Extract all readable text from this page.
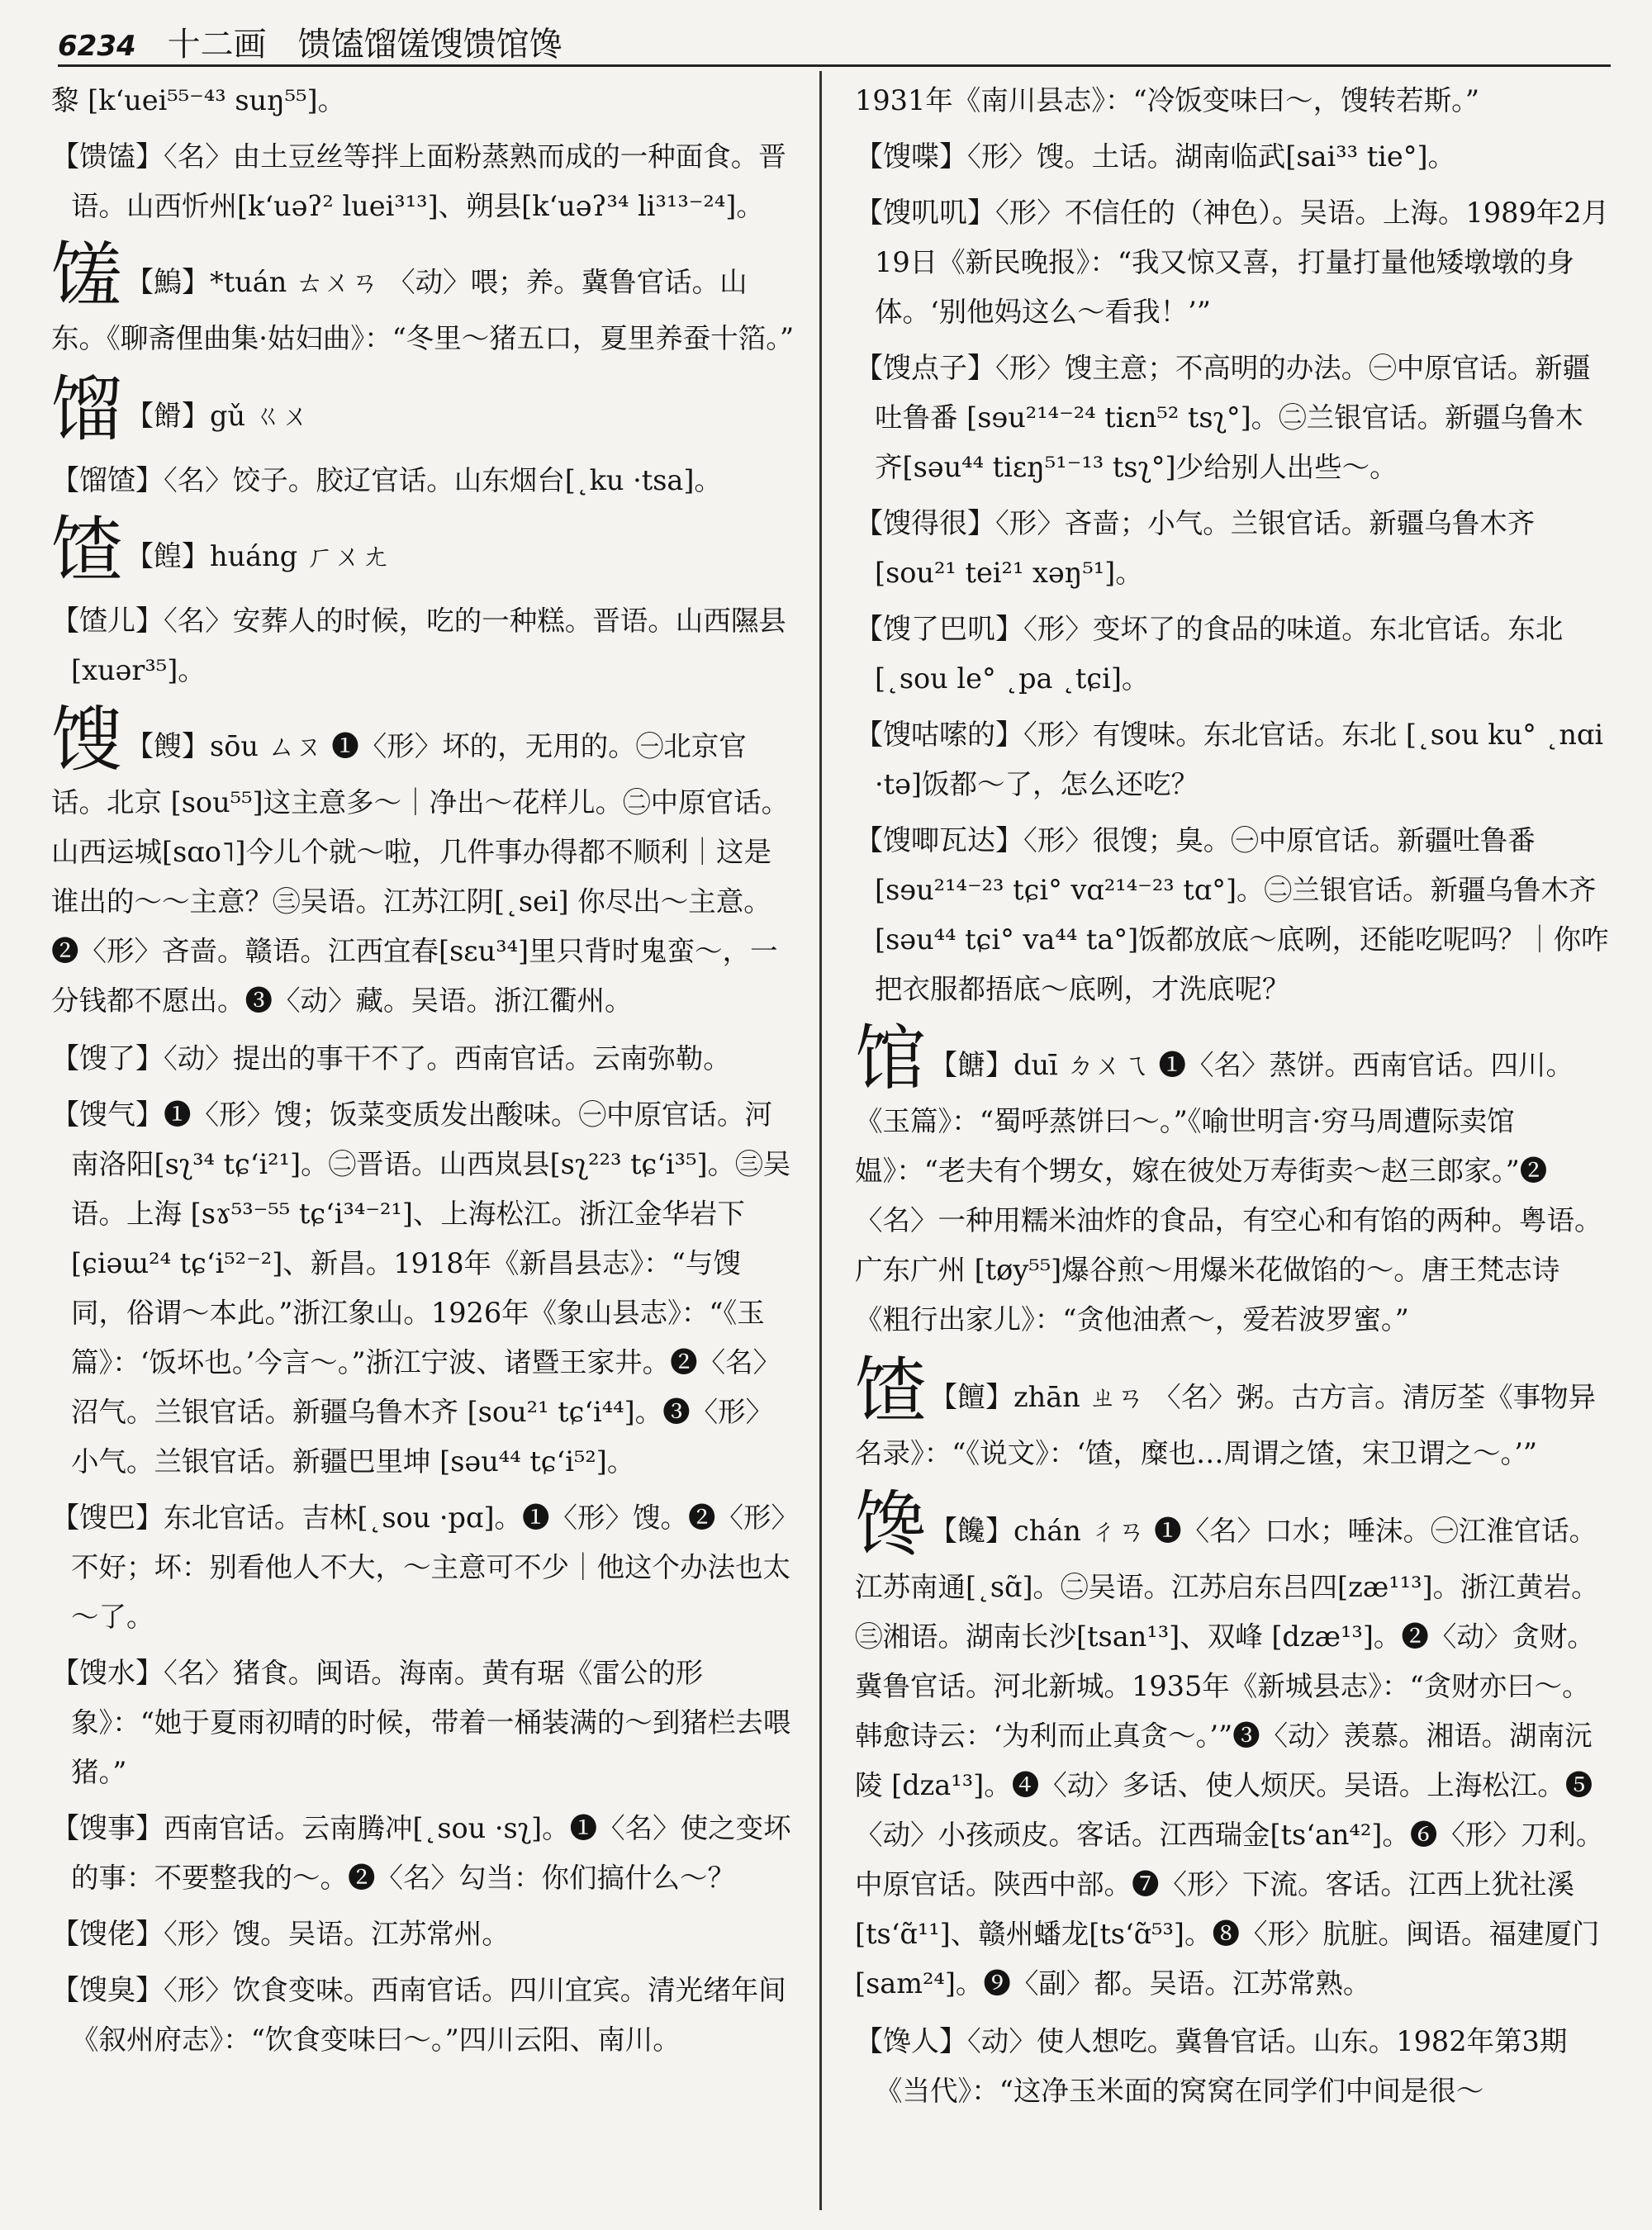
6234 十二画 馈馌馏馐馊馈馆馋
黎 [k‘uei⁵⁵⁻⁴³ suŋ⁵⁵]。
【馈馌】〈名〉由土豆丝等拌上面粉蒸熟而成的一种面食。晋语。山西忻州[k‘uəʔ² luei³¹³]、朔县[k‘uəʔ³⁴ li³¹³⁻²⁴]。
馐 【鰞】*tuán ㄊㄨㄢ 〈动〉喂；养。冀鲁官话。山东。《聊斋俚曲集·姑妇曲》：“冬里～猪五口，夏里养蚕十箔。”
馏 【餶】gǔ ㄍㄨ
【馏馇】〈名〉饺子。胶辽官话。山东烟台[˛ku ·tsa]。
馇 【餭】huáng ㄏㄨㄤ
【馇儿】〈名〉安葬人的时候，吃的一种糕。晋语。山西隰县[xuər³⁵]。
馊 【餿】sōu ㄙㄡ ❶〈形〉坏的，无用的。㊀北京官话。北京 [sou⁵⁵]这主意多～｜净出～花样儿。㊁中原官话。山西运城[sɑo˥]今儿个就～啦，几件事办得都不顺利｜这是谁出的～～主意？㊂吴语。江苏江阴[˛sei] 你尽出～主意。❷〈形〉吝啬。赣语。江西宜春[sɛu³⁴]里只背时鬼蛮～，一分钱都不愿出。❸〈动〉藏。吴语。浙江衢州。
【馊了】〈动〉提出的事干不了。西南官话。云南弥勒。
【馊气】❶〈形〉馊；饭菜变质发出酸味。㊀中原官话。河南洛阳[sʅ³⁴ tɕ‘i²¹]。㊁晋语。山西岚县[sʅ²²³ tɕ‘i³⁵]。㊂吴语。上海 [sɤ⁵³⁻⁵⁵ tɕ‘i³⁴⁻²¹]、上海松江。浙江金华岩下 [ɕiəɯ²⁴ tɕ‘i⁵²⁻²]、新昌。1918年《新昌县志》：“与馊同，俗谓～本此。”浙江象山。1926年《象山县志》：“《玉篇》：‘饭坏也。’今言～。”浙江宁波、诸暨王家井。❷〈名〉沼气。兰银官话。新疆乌鲁木齐 [sou²¹ tɕ‘i⁴⁴]。❸〈形〉小气。兰银官话。新疆巴里坤 [səu⁴⁴ tɕ‘i⁵²]。
【馊巴】东北官话。吉林[˛sou ·pɑ]。❶〈形〉馊。❷〈形〉不好；坏：别看他人不大，～主意可不少｜他这个办法也太～了。
【馊水】〈名〉猪食。闽语。海南。黄有琚《雷公的形象》：“她于夏雨初晴的时候，带着一桶装满的～到猪栏去喂猪。”
【馊事】西南官话。云南腾冲[˛sou ·sʅ]。❶〈名〉使之变坏的事：不要整我的～。❷〈名〉勾当：你们搞什么～？
【馊佬】〈形〉馊。吴语。江苏常州。
【馊臭】〈形〉饮食变味。西南官话。四川宜宾。清光绪年间《叙州府志》：“饮食变味曰～。”四川云阳、南川。
1931年《南川县志》：“冷饭变味曰～，馊转若斯。”
【馊喋】〈形〉馊。土话。湖南临武[sai³³ tie°]。
【馊叽叽】〈形〉不信任的（神色）。吴语。上海。1989年2月19日《新民晚报》：“我又惊又喜，打量打量他矮墩墩的身体。‘别他妈这么～看我！’”
【馊点子】〈形〉馊主意；不高明的办法。㊀中原官话。新疆吐鲁番 [sɘu²¹⁴⁻²⁴ tiɛn⁵² tsʅ°]。㊁兰银官话。新疆乌鲁木齐[səu⁴⁴ tiɛŋ⁵¹⁻¹³ tsʅ°]少给别人出些～。
【馊得很】〈形〉吝啬；小气。兰银官话。新疆乌鲁木齐[sou²¹ tei²¹ xəŋ⁵¹]。
【馊了巴叽】〈形〉变坏了的食品的味道。东北官话。东北[˛sou le° ˛pa ˛tɕi]。
【馊咕嗦的】〈形〉有馊味。东北官话。东北 [˛sou ku° ˛nɑi ·tə]饭都～了，怎么还吃？
【馊唧瓦达】〈形〉很馊；臭。㊀中原官话。新疆吐鲁番 [sɘu²¹⁴⁻²³ tɕi° vɑ²¹⁴⁻²³ tɑ°]。㊁兰银官话。新疆乌鲁木齐[səu⁴⁴ tɕi° va⁴⁴ ta°]饭都放底～底咧，还能吃呢吗？｜你咋把衣服都捂底～底咧，才洗底呢？
馆 【餹】duī ㄉㄨㄟ ❶〈名〉蒸饼。西南官话。四川。《玉篇》：“蜀呼蒸饼曰～。”《喻世明言·穷马周遭际卖馆媪》：“老夫有个甥女，嫁在彼处万寿街卖～赵三郎家。”❷〈名〉一种用糯米油炸的食品，有空心和有馅的两种。粤语。广东广州 [tøy⁵⁵]爆谷煎～用爆米花做馅的～。唐王梵志诗《粗行出家儿》：“贪他油煮～，爱若波罗蜜。”
馇 【饘】zhān ㄓㄢ 〈名〉粥。古方言。清厉荃《事物异名录》：“《说文》：‘馇，糜也…周谓之馇，宋卫谓之～。’”
馋 【饞】chán ㄔㄢ ❶〈名〉口水；唾沫。㊀江淮官话。江苏南通[˛sɑ̃]。㊁吴语。江苏启东吕四[zæ¹¹³]。浙江黄岩。㊂湘语。湖南长沙[tsan¹³]、双峰 [dzæ¹³]。❷〈动〉贪财。冀鲁官话。河北新城。1935年《新城县志》：“贪财亦曰～。韩愈诗云：‘为利而止真贪～。’”❸〈动〉羡慕。湘语。湖南沅陵 [dza¹³]。❹〈动〉多话、使人烦厌。吴语。上海松江。❺〈动〉小孩顽皮。客话。江西瑞金[ts‘an⁴²]。❻〈形〉刀利。中原官话。陕西中部。❼〈形〉下流。客话。江西上犹社溪 [ts‘ɑ̃¹¹]、赣州蟠龙[ts‘ɑ̃⁵³]。❽〈形〉肮脏。闽语。福建厦门[sam²⁴]。❾〈副〉都。吴语。江苏常熟。
【馋人】〈动〉使人想吃。冀鲁官话。山东。1982年第3期《当代》：“这净玉米面的窝窝在同学们中间是很～
